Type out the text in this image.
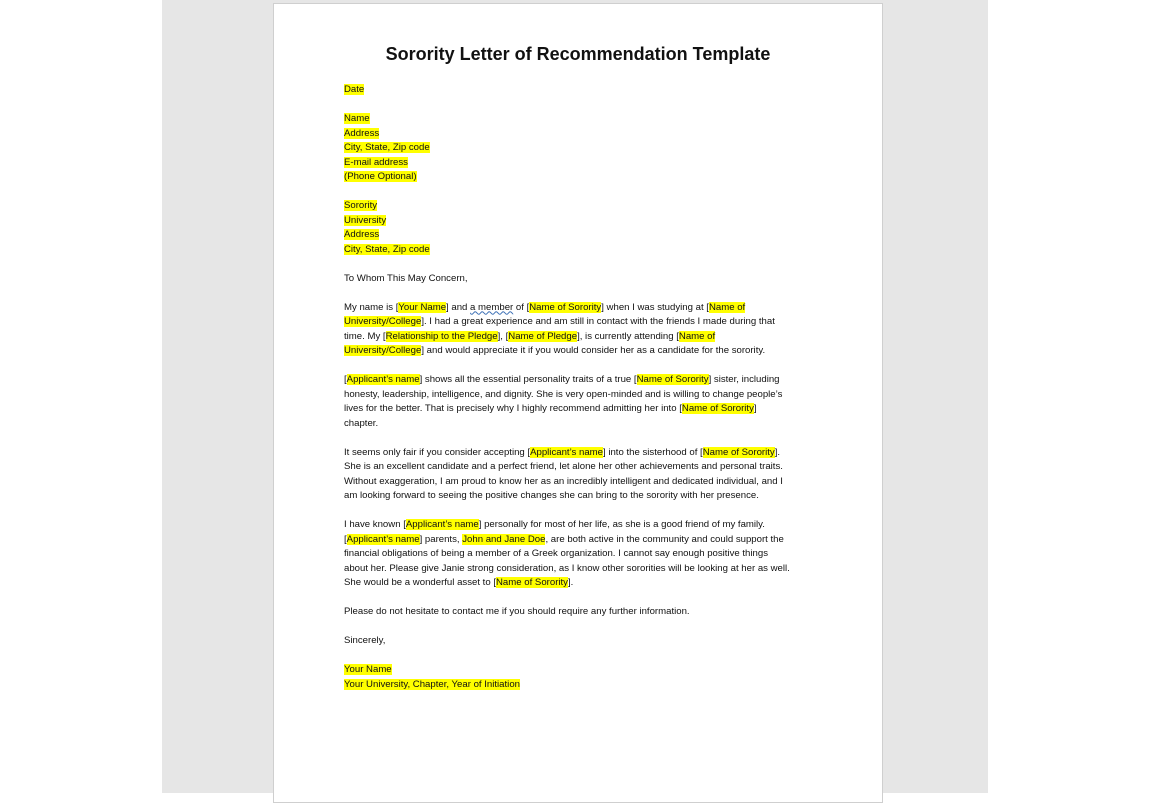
Sorority Letter of Recommendation Template
Date
Name
Address
City, State, Zip code
E-mail address
(Phone Optional)
Sorority
University
Address
City, State, Zip code
To Whom This May Concern,
My name is [Your Name] and a member of [Name of Sorority] when I was studying at [Name of
University/College]. I had a great experience and am still in contact with the friends I made during that
time. My [Relationship to the Pledge], [Name of Pledge], is currently attending [Name of
University/College] and would appreciate it if you would consider her as a candidate for the sorority.
[Applicant’s name] shows all the essential personality traits of a true [Name of Sorority] sister, including
honesty, leadership, intelligence, and dignity. She is very open-minded and is willing to change people’s
lives for the better. That is precisely why I highly recommend admitting her into [Name of Sorority]
chapter.
It seems only fair if you consider accepting [Applicant’s name] into the sisterhood of [Name of Sorority].
She is an excellent candidate and a perfect friend, let alone her other achievements and personal traits.
Without exaggeration, I am proud to know her as an incredibly intelligent and dedicated individual, and I
am looking forward to seeing the positive changes she can bring to the sorority with her presence.
I have known [Applicant’s name] personally for most of her life, as she is a good friend of my family.
[Applicant’s name] parents, John and Jane Doe, are both active in the community and could support the
financial obligations of being a member of a Greek organization. I cannot say enough positive things
about her. Please give Janie strong consideration, as I know other sororities will be looking at her as well.
She would be a wonderful asset to [Name of Sorority].
Please do not hesitate to contact me if you should require any further information.
Sincerely,
Your Name
Your University, Chapter, Year of Initiation
